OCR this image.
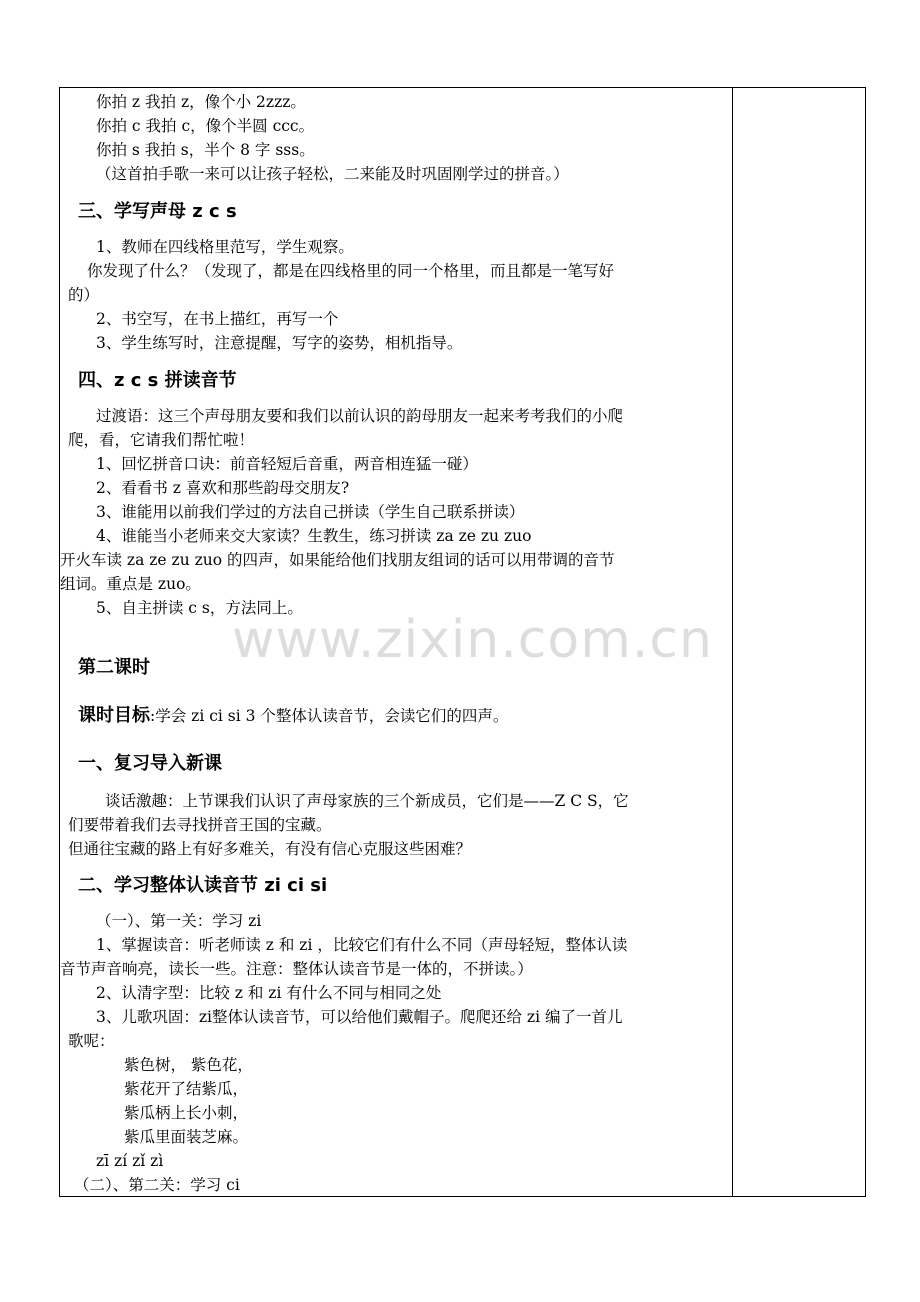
你拍 z 我拍 z，像个小 2zzz。
你拍 c 我拍 c，像个半圆 ccc。
你拍 s 我拍 s，半个 8 字 sss。
（这首拍手歌一来可以让孩子轻松，二来能及时巩固刚学过的拼音。）
三、学写声母 z c s
1、教师在四线格里范写，学生观察。
你发现了什么？（发现了，都是在四线格里的同一个格里，而且都是一笔写好
的）
2、书空写，在书上描红，再写一个
3、学生练写时，注意提醒，写字的姿势，相机指导。
四、z c s 拼读音节
过渡语：这三个声母朋友要和我们以前认识的韵母朋友一起来考考我们的小爬
爬，看，它请我们帮忙啦！
1、回忆拼音口诀：前音轻短后音重，两音相连猛一碰）
2、看看书 z 喜欢和那些韵母交朋友?
3、谁能用以前我们学过的方法自己拼读（学生自己联系拼读）
4、谁能当小老师来交大家读？生教生，练习拼读 za ze zu zuo
开火车读 za ze zu zuo 的四声，如果能给他们找朋友组词的话可以用带调的音节
组词。重点是 zuo。
5、自主拼读 c s，方法同上。
第二课时
课时目标:学会 zi ci si 3 个整体认读音节，会读它们的四声。
一、复习导入新课
谈话激趣：上节课我们认识了声母家族的三个新成员，它们是——Z C S，它
们要带着我们去寻找拼音王国的宝藏。
但通往宝藏的路上有好多难关，有没有信心克服这些困难？
二、学习整体认读音节 zi ci si
（一）、第一关：学习 zi
1、掌握读音：听老师读 z 和 zi ，比较它们有什么不同（声母轻短，整体认读
音节声音响亮，读长一些。注意：整体认读音节是一体的，不拼读。）
2、认清字型：比较 z 和 zi 有什么不同与相同之处
3、儿歌巩固：zi整体认读音节，可以给他们戴帽子。爬爬还给 zi 编了一首儿
歌呢：
紫色树， 紫色花，
紫花开了结紫瓜，
紫瓜柄上长小刺，
紫瓜里面装芝麻。
zī zí zǐ zì
（二）、第二关：学习 ci
www.zixin.com.cn
